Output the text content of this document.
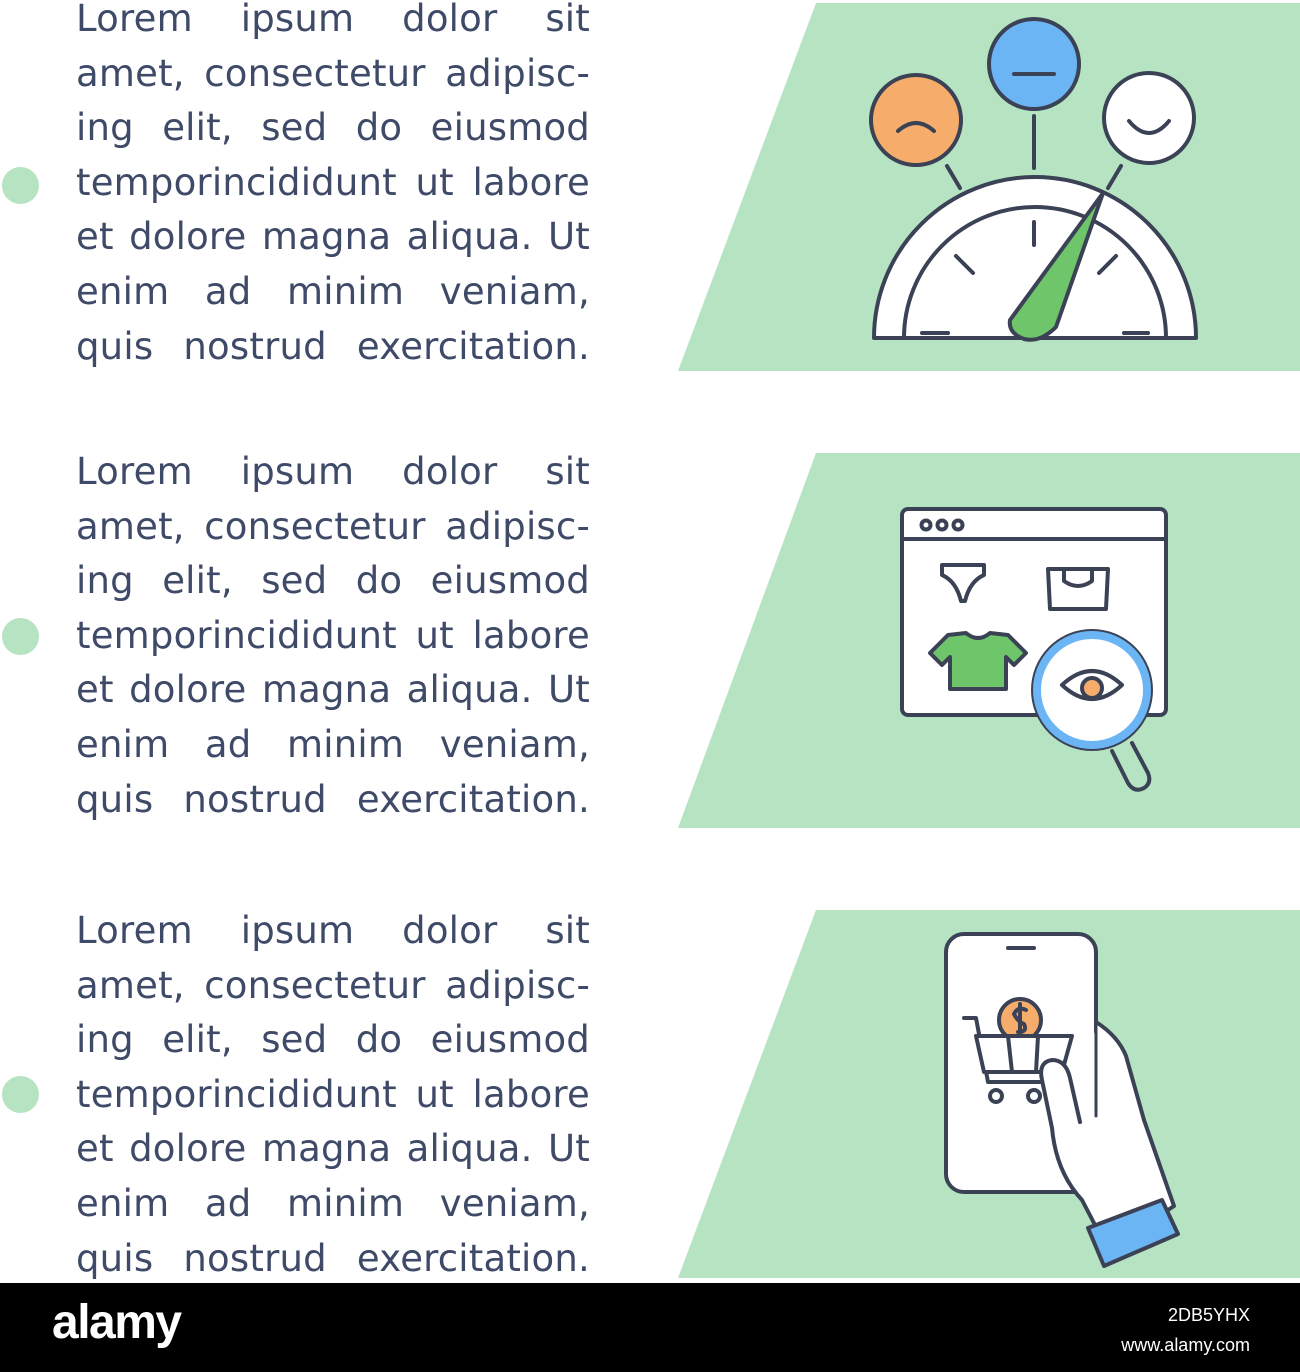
Lorem ipsum dolor sit
amet, consectetur adipisc-
ing elit, sed do eiusmod
temporincididunt ut labore
et dolore magna aliqua. Ut
enim ad minim veniam,
quis nostrud exercitation.

Lorem ipsum dolor sit
amet, consectetur adipisc-
ing elit, sed do eiusmod
temporincididunt ut labore
et dolore magna aliqua. Ut
enim ad minim veniam,
quis nostrud exercitation.

Lorem ipsum dolor sit
amet, consectetur adipisc-
ing elit, sed do eiusmod
temporincididunt ut labore
et dolore magna aliqua. Ut
enim ad minim veniam,
quis nostrud exercitation.

alamy	2DB5YHX
www.alamy.com
